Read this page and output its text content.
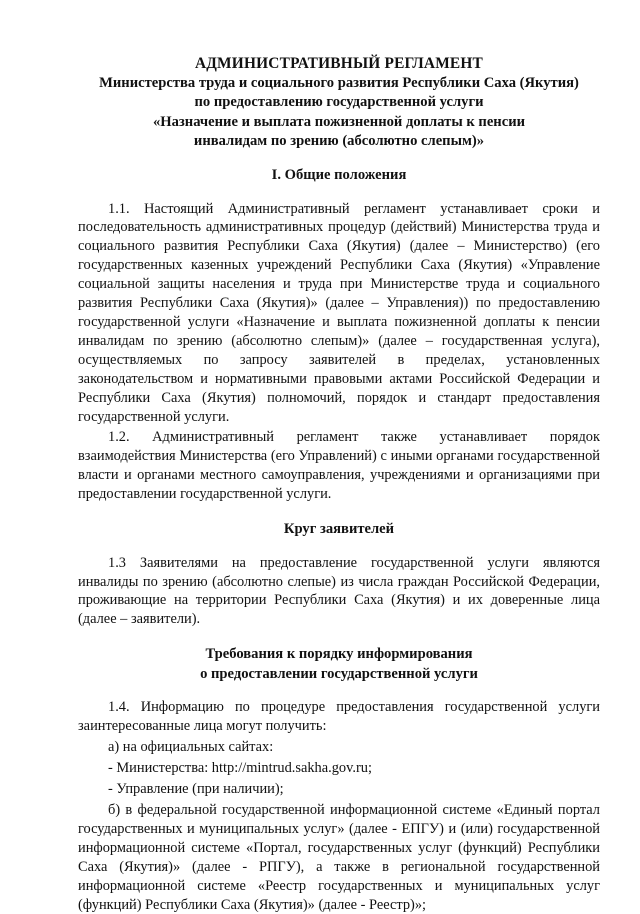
АДМИНИСТРАТИВНЫЙ РЕГЛАМЕНТ
Министерства труда и социального развития Республики Саха (Якутия)
по предоставлению государственной услуги
«Назначение и выплата пожизненной доплаты к пенсии
инвалидам по зрению (абсолютно слепым)»
I. Общие положения

1.1. Настоящий Административный регламент устанавливает сроки и последовательность административных процедур (действий) Министерства труда и социального развития Республики Саха (Якутия) (далее – Министерство) (его государственных казенных учреждений Республики Саха (Якутия) «Управление социальной защиты населения и труда при Министерстве труда и социального развития Республики Саха (Якутия)» (далее – Управления)) по предоставлению государственной услуги «Назначение и выплата пожизненной доплаты к пенсии инвалидам по зрению (абсолютно слепым)» (далее – государственная услуга), осуществляемых по запросу заявителей в пределах, установленных законодательством и нормативными правовыми актами Российской Федерации и Республики Саха (Якутия) полномочий, порядок и стандарт предоставления государственной услуги.

1.2. Административный регламент также устанавливает порядок взаимодействия Министерства (его Управлений) с иными органами государственной власти и органами местного самоуправления, учреждениями и организациями при предоставлении государственной услуги.

Круг заявителей

1.3 Заявителями на предоставление государственной услуги являются инвалиды по зрению (абсолютно слепые) из числа граждан Российской Федерации, проживающие на территории Республики Саха (Якутия) и их доверенные лица (далее – заявители).

Требования к порядку информирования
о предоставлении государственной услуги

1.4. Информацию по процедуре предоставления государственной услуги заинтересованные лица могут получить:

а) на официальных сайтах:

- Министерства: http://mintrud.sakha.gov.ru;

- Управление (при наличии);

б) в федеральной государственной информационной системе «Единый портал государственных и муниципальных услуг» (далее - ЕПГУ) и (или) государственной информационной системе «Портал, государственных услуг (функций) Республики Саха (Якутия)» (далее - РПГУ), а также в региональной государственной информационной системе «Реестр государственных и муниципальных услуг (функций) Республики Саха (Якутия)» (далее - Реестр)»;
